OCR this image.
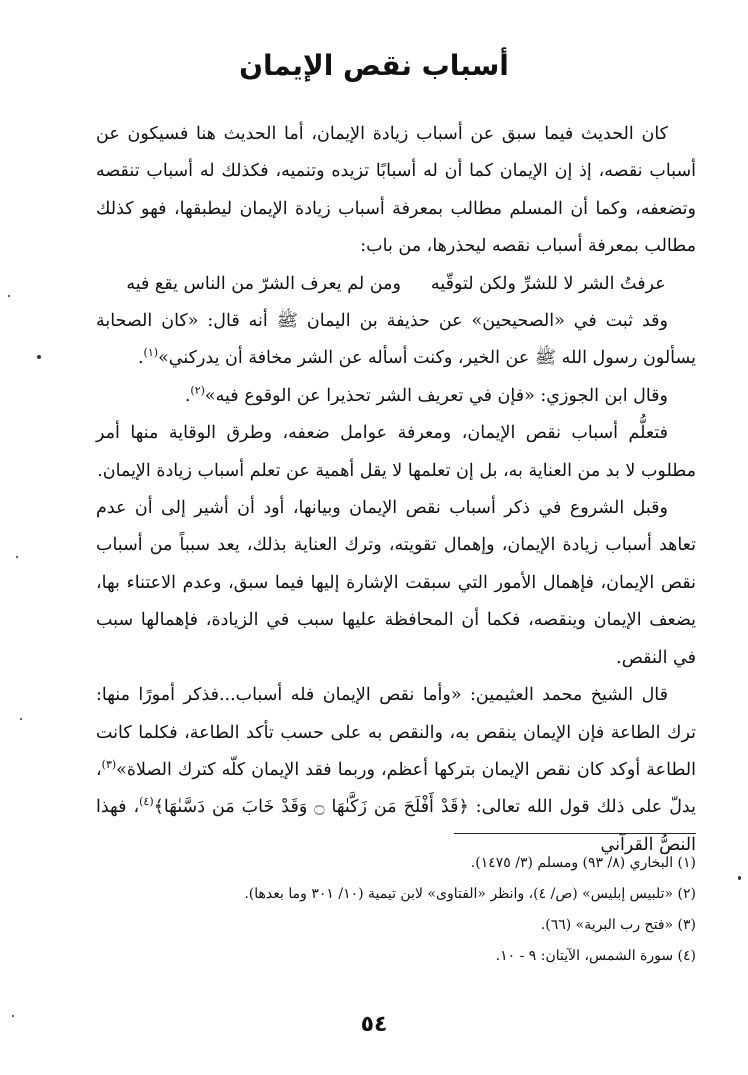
أسباب نقص الإيمان

كان الحديث فيما سبق عن أسباب زيادة الإيمان، أما الحديث هنا فسيكون عن أسباب نقصه، إذ إن الإيمان كما أن له أسبابًا تزيده وتنميه، فكذلك له أسباب تنقصه وتضعفه، وكما أن المسلم مطالب بمعرفة أسباب زيادة الإيمان ليطبقها، فهو كذلك مطالب بمعرفة أسباب نقصه ليحذرها، من باب:

عرفتُ الشر لا للشرِّ ولكن لتوقّيهومن لم يعرف الشرّ من الناس يقع فيه

وقد ثبت في «الصحيحين» عن حذيفة بن اليمان ﷺ أنه قال: «كان الصحابة يسألون رسول الله ﷺ عن الخير، وكنت أسأله عن الشر مخافة أن يدركني»$^{(١)}$.

وقال ابن الجوزي: «فإن في تعريف الشر تحذيرا عن الوقوع فيه»$^{(٢)}$.

فتعلُّم أسباب نقص الإيمان، ومعرفة عوامل ضعفه، وطرق الوقاية منها أمر مطلوب لا بد من العناية به، بل إن تعلمها لا يقل أهمية عن تعلم أسباب زيادة الإيمان.

وقبل الشروع في ذكر أسباب نقص الإيمان وبيانها، أود أن أشير إلى أن عدم تعاهد أسباب زيادة الإيمان، وإهمال تقويته، وترك العناية بذلك، يعد سبباً من أسباب نقص الإيمان، فإهمال الأمور التي سبقت الإشارة إليها فيما سبق، وعدم الاعتناء بها، يضعف الإيمان وينقصه، فكما أن المحافظة عليها سبب في الزيادة، فإهمالها سبب في النقص.

قال الشيخ محمد العثيمين: «وأما نقص الإيمان فله أسباب...فذكر أمورًا منها: ترك الطاعة فإن الإيمان ينقص به، والنقص به على حسب تأكد الطاعة، فكلما كانت الطاعة أوكد كان نقص الإيمان بتركها أعظم، وربما فقد الإيمان كلّه كترك الصلاة»$^{(٣)}$، يدلّ على ذلك قول الله تعالى: ﴿قَدْ أَفْلَحَ مَن زَكَّىٰهَا ۝ وَقَدْ خَابَ مَن دَسَّىٰهَا﴾$^{(٤)}$، فهذا النصُّ القرآني

(١) البخاري (٨/ ٩٣) ومسلم (٣/ ١٤٧٥).
(٢) «تلبيس إبليس» (ص/ ٤)، وانظر «الفتاوى» لابن تيمية (١٠/ ٣٠١ وما بعدها).
(٣) «فتح رب البرية» (٦٦).
(٤) سورة الشمس، الآيتان: ٩ - ١٠.
٥٤
